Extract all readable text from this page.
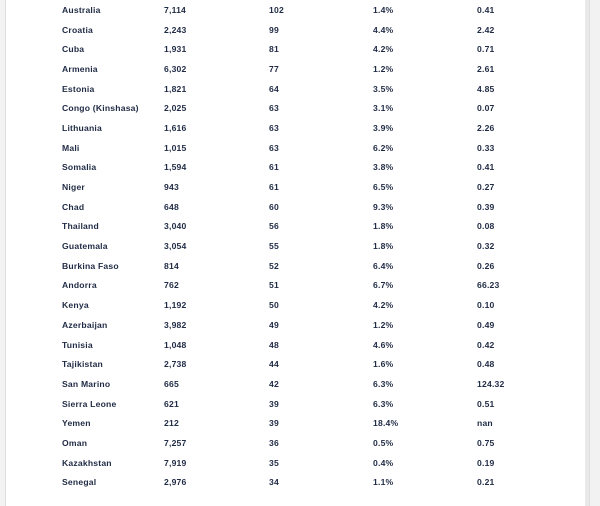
Australia	7,114	102	1.4%	0.41
Croatia	2,243	99	4.4%	2.42
Cuba	1,931	81	4.2%	0.71
Armenia	6,302	77	1.2%	2.61
Estonia	1,821	64	3.5%	4.85
Congo (Kinshasa)	2,025	63	3.1%	0.07
Lithuania	1,616	63	3.9%	2.26
Mali	1,015	63	6.2%	0.33
Somalia	1,594	61	3.8%	0.41
Niger	943	61	6.5%	0.27
Chad	648	60	9.3%	0.39
Thailand	3,040	56	1.8%	0.08
Guatemala	3,054	55	1.8%	0.32
Burkina Faso	814	52	6.4%	0.26
Andorra	762	51	6.7%	66.23
Kenya	1,192	50	4.2%	0.10
Azerbaijan	3,982	49	1.2%	0.49
Tunisia	1,048	48	4.6%	0.42
Tajikistan	2,738	44	1.6%	0.48
San Marino	665	42	6.3%	124.32
Sierra Leone	621	39	6.3%	0.51
Yemen	212	39	18.4%	nan
Oman	7,257	36	0.5%	0.75
Kazakhstan	7,919	35	0.4%	0.19
Senegal	2,976	34	1.1%	0.21
